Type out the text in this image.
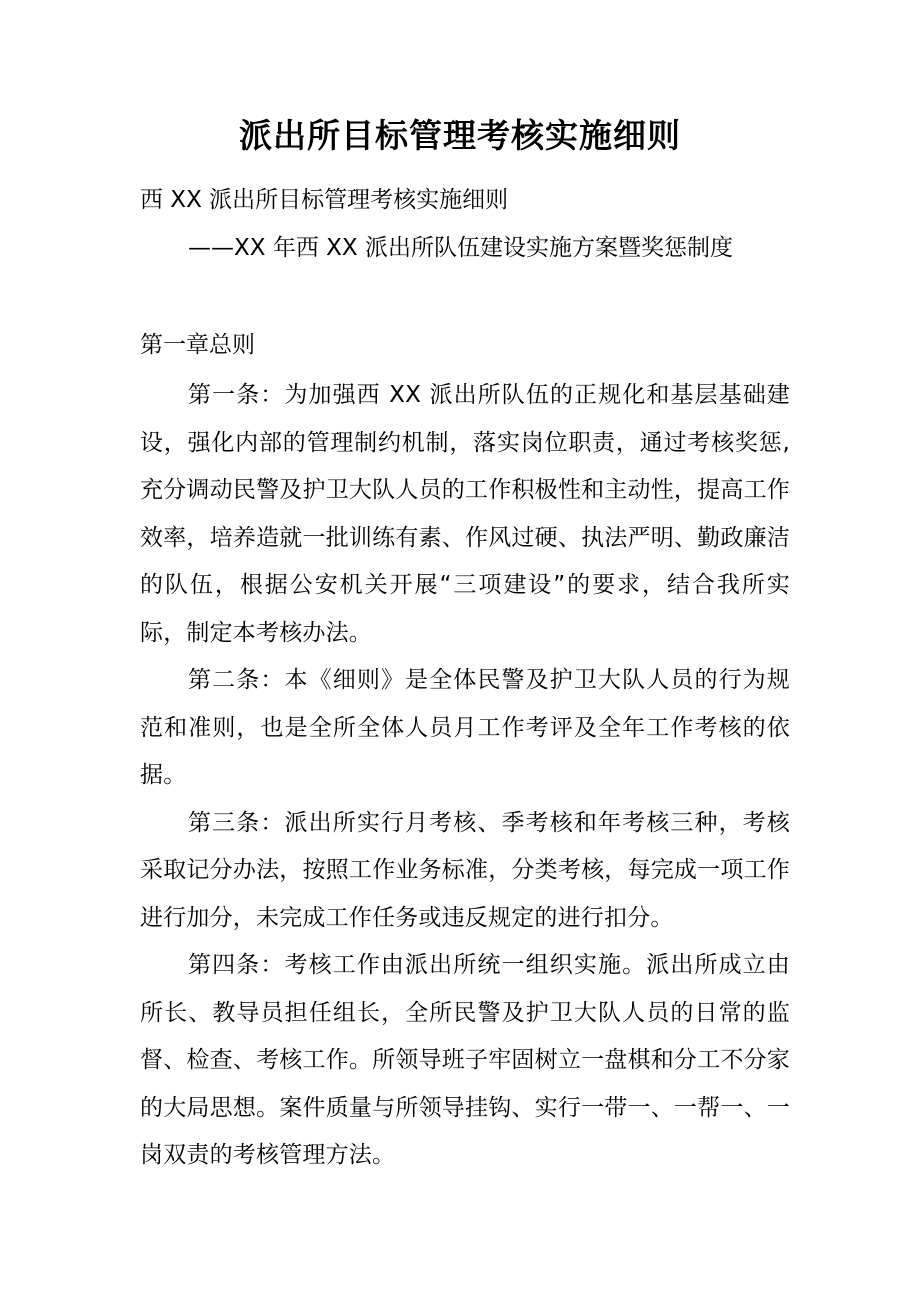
派出所目标管理考核实施细则
西 XX 派出所目标管理考核实施细则
——XX 年西 XX 派出所队伍建设实施方案暨奖惩制度
第一章总则

第一条：为加强西 XX 派出所队伍的正规化和基层基础建设，强化内部的管理制约机制，落实岗位职责，通过考核奖惩,充分调动民警及护卫大队人员的工作积极性和主动性，提高工作效率，培养造就一批训练有素、作风过硬、执法严明、勤政廉洁的队伍，根据公安机关开展“三项建设”的要求，结合我所实际，制定本考核办法。

第二条：本《细则》是全体民警及护卫大队人员的行为规范和准则，也是全所全体人员月工作考评及全年工作考核的依据。

第三条：派出所实行月考核、季考核和年考核三种，考核采取记分办法，按照工作业务标准，分类考核，每完成一项工作进行加分，未完成工作任务或违反规定的进行扣分。

第四条：考核工作由派出所统一组织实施。派出所成立由所长、教导员担任组长，全所民警及护卫大队人员的日常的监督、检查、考核工作。所领导班子牢固树立一盘棋和分工不分家的大局思想。案件质量与所领导挂钩、实行一带一、一帮一、一岗双责的考核管理方法。
